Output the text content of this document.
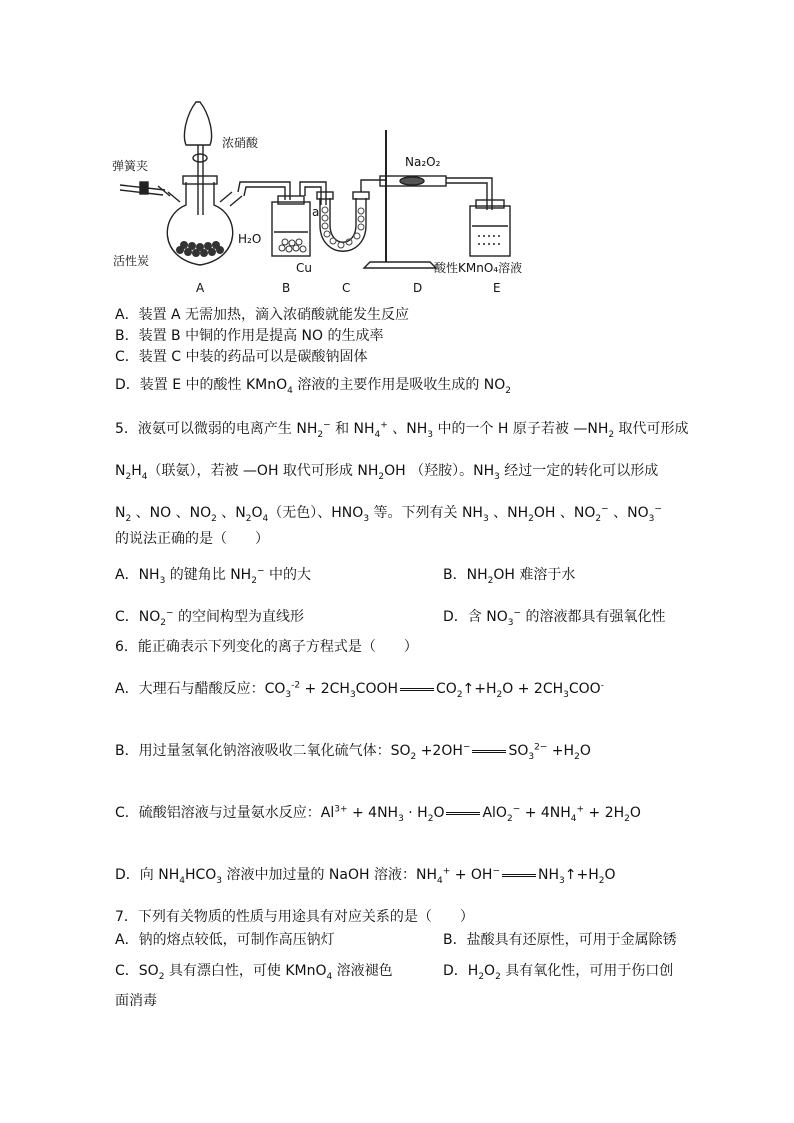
弹簧夹
浓硝酸
活性炭
H₂O
a
Cu
Na₂O₂
酸性KMnO₄溶液
A	B	C	D	E
A．装置 A 无需加热，滴入浓硝酸就能发生反应
B．装置 B 中铜的作用是提高 NO 的生成率
C．装置 C 中装的药品可以是碳酸钠固体
D．装置 E 中的酸性 KMnO$_4$ 溶液的主要作用是吸收生成的 $NO_2$
5．液氨可以微弱的电离产生 $NH_2^-$ 和 $NH_4^+$ 、$NH_3$ 中的一个 H 原子若被 $—NH_2$ 取代可形成
$N_2H_4$（联氨），若被 —OH 取代可形成 $NH_2OH$ （羟胺）。$NH_3$ 经过一定的转化可以形成
$N_2$ 、NO 、$NO_2$ 、$N_2O_4$（无色）、$HNO_3$ 等。下列有关 $NH_3$ 、$NH_2OH$ 、$NO_2^-$ 、$NO_3^-$
的说法正确的是（　　）
A．$NH_3$ 的键角比 $NH_2^-$ 中的大	B．$NH_2OH$ 难溶于水
C．$NO_2^-$ 的空间构型为直线形	D．含 $NO_3^-$ 的溶液都具有强氧化性
6．能正确表示下列变化的离子方程式是（　　）
A．大理石与醋酸反应：$CO_3^{-2}$ + $2CH_3COOH$	$CO_2↑+H_2O + 2CH_3COO^-$
B．用过量氢氧化钠溶液吸收二氧化硫气体：$SO_2 +2OH^-$	$SO_3^{2-} +H_2O$
C．硫酸铝溶液与过量氨水反应：$Al^{3+} + 4NH_3 \cdot H_2O$	$AlO_2^- + 4NH_4^+ + 2H_2O$
D．向 $NH_4HCO_3$ 溶液中加过量的 NaOH 溶液：$NH_4^+ + OH^-$	$NH_3↑+H_2O$
7．下列有关物质的性质与用途具有对应关系的是（　　）
A．钠的熔点较低，可制作高压钠灯	B．盐酸具有还原性，可用于金属除锈
C．$SO_2$ 具有漂白性，可使 KMnO$_4$ 溶液褪色	D．$H_2O_2$ 具有氧化性，可用于伤口创
面消毒
